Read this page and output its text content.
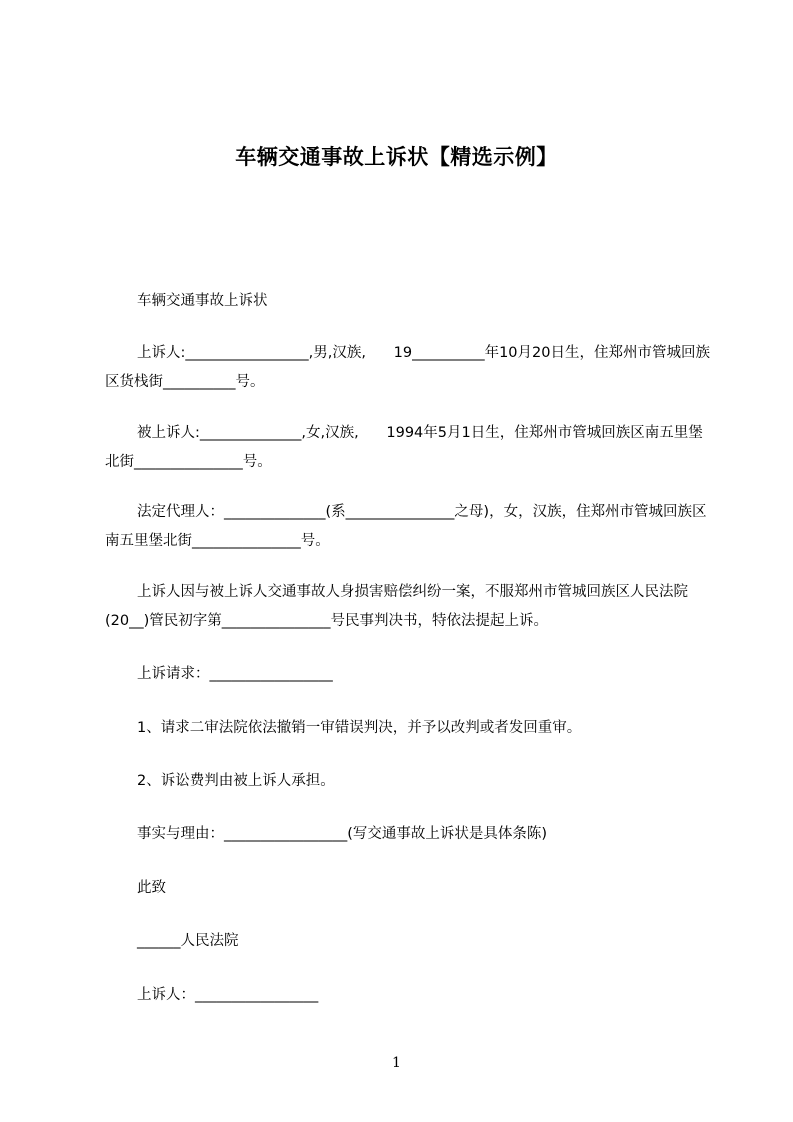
车辆交通事故上诉状【精选示例】

车辆交通事故上诉状

上诉人:_________________,男,汉族,      19__________年10月20日生，住郑州市管城回族区货栈街__________号。

被上诉人:______________,女,汉族,      1994年5月1日生，住郑州市管城回族区南五里堡北街_______________号。

法定代理人：______________(系_______________之母)，女，汉族，住郑州市管城回族区南五里堡北街_______________号。

上诉人因与被上诉人交通事故人身损害赔偿纠纷一案，不服郑州市管城回族区人民法院(20__)管民初字第_______________号民事判决书，特依法提起上诉。

上诉请求：_________________

1、请求二审法院依法撤销一审错误判决，并予以改判或者发回重审。

2、诉讼费判由被上诉人承担。

事实与理由：_________________(写交通事故上诉状是具体条陈)

此致

______人民法院

上诉人：_________________

1
